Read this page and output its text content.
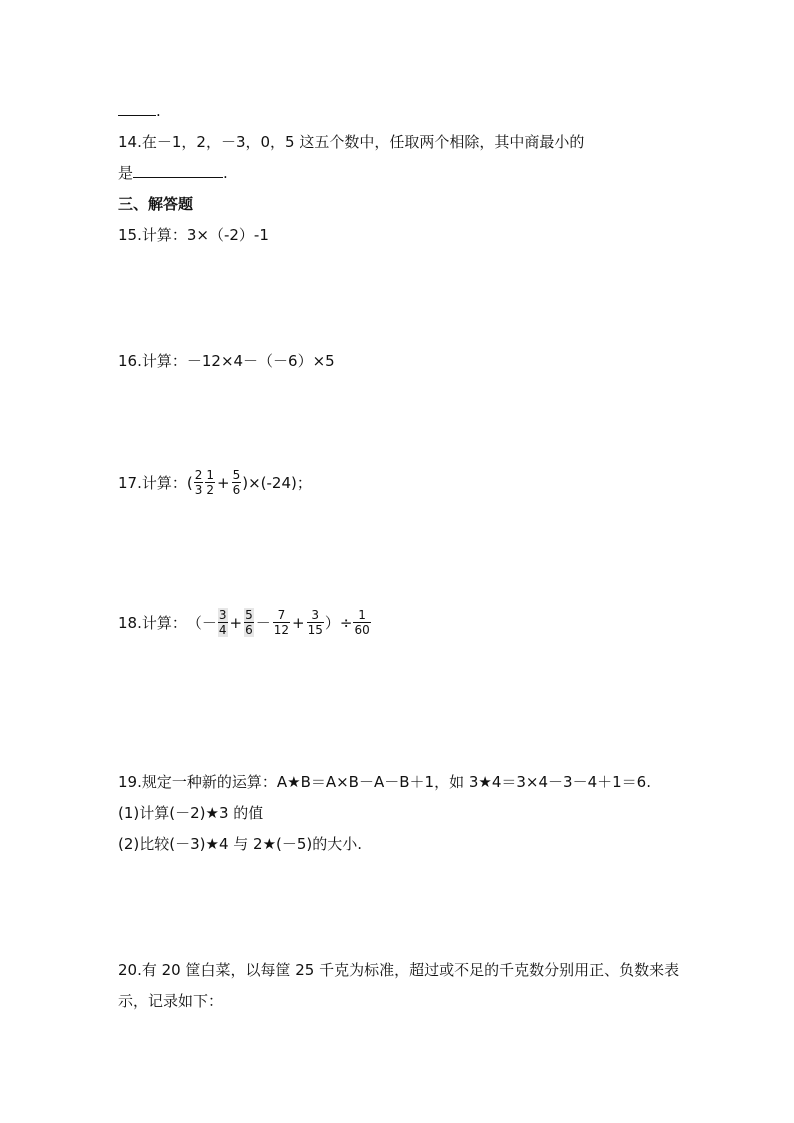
.
14.在－1，2，－3，0，5 这五个数中，任取两个相除，其中商最小的
是	.
三、解答题
15.计算：3×（-2）-1
16.计算：－12×4－（－6）×5
17.计算： ( $\frac{2}{3} \frac{1}{2} + \frac{5}{6} )\times(-24)$；
18.计算： （－ $\frac{3}{4} + \frac{5}{6} - \frac{7}{12} + \frac{3}{15}$ ）÷ $\frac{1}{60}$
19.规定一种新的运算：A★B＝A×B－A－B＋1，如 3★4＝3×4－3－4＋1＝6.
(1)计算(－2)★3 的值
(2)比较(－3)★4 与 2★(－5)的大小.
20.有 20 筐白菜，以每筐 25 千克为标准，超过或不足的千克数分别用正、负数来表
示，记录如下：
